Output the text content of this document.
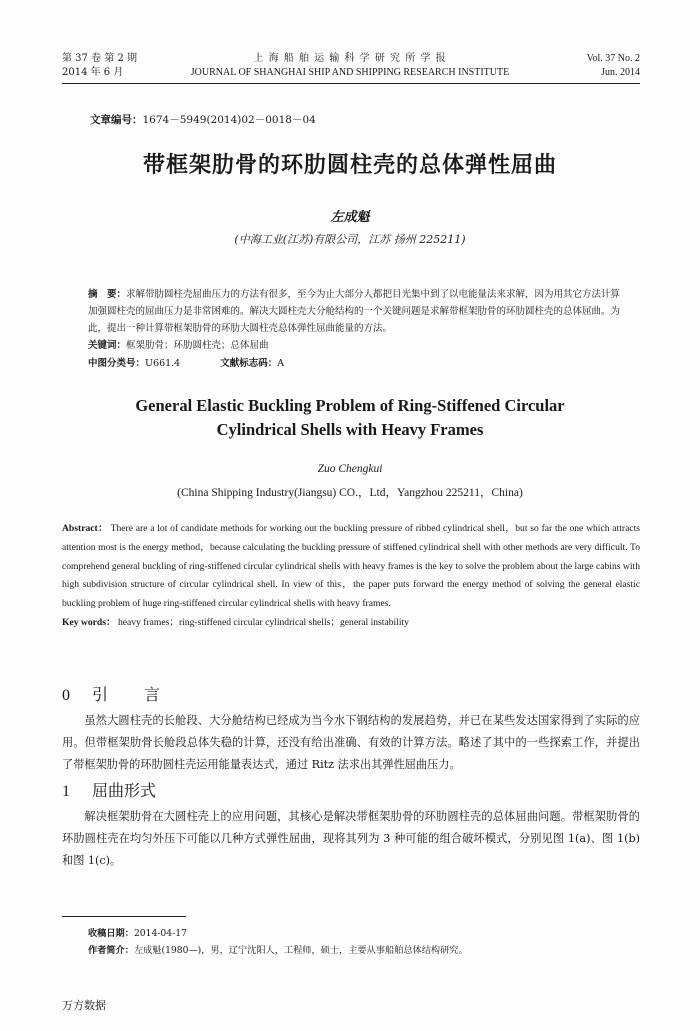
第 37 卷 第 2 期
2014 年 6 月
上 海 船 舶 运 输 科 学 研 究 所 学 报
JOURNAL OF SHANGHAI SHIP AND SHIPPING RESEARCH INSTITUTE
Vol. 37 No. 2
Jun. 2014
文章编号：1674－5949(2014)02－0018－04
带框架肋骨的环肋圆柱壳的总体弹性屈曲
左成魁
(中海工业(江苏)有限公司，江苏 扬州 225211)
摘　要：求解带肋圆柱壳屈曲压力的方法有很多，至今为止大部分人都把目光集中到了以电能量法来求解，因为用其它方法计算加强圆柱壳的屈曲压力是非常困难的。解决大圆柱壳大分舱结构的一个关键问题是求解带框架肋骨的环肋圆柱壳的总体屈曲。为此，提出一种计算带框架肋骨的环肋大圆柱壳总体弹性屈曲能量的方法。
关键词：框架肋骨；环肋圆柱壳；总体屈曲
中图分类号：U661.4	文献标志码：A
General Elastic Buckling Problem of Ring-Stiffened Circular
Cylindrical Shells with Heavy Frames
Zuo Chengkui
(China Shipping Industry(Jiangsu) CO.，Ltd，Yangzhou 225211，China)
Abstract： There are a lot of candidate methods for working out the buckling pressure of ribbed cylindrical shell，but so far the one which attracts attention most is the energy method，because calculating the buckling pressure of stiffened cylindrical shell with other methods are very difficult. To comprehend general buckling of ring-stiffened circular cylindrical shells with heavy frames is the key to solve the problem about the large cabins with high subdivision structure of circular cylindrical shell. In view of this，the paper puts forward the energy method of solving the general elastic buckling problem of huge ring-stiffened circular cylindrical shells with heavy frames.
Key words： heavy frames；ring-stiffened circular cylindrical shells；general instability
0 引　言
虽然大圆柱壳的长舱段、大分舱结构已经成为当今水下钢结构的发展趋势，并已在某些发达国家得到了实际的应用。但带框架肋骨长舱段总体失稳的计算，还没有给出准确、有效的计算方法。略述了其中的一些探索工作，并提出了带框架肋骨的环肋圆柱壳运用能量表达式，通过 Ritz 法求出其弹性屈曲压力。
1 屈曲形式
解决框架肋骨在大圆柱壳上的应用问题，其核心是解决带框架肋骨的环肋圆柱壳的总体屈曲问题。带框架肋骨的环肋圆柱壳在均匀外压下可能以几种方式弹性屈曲，现将其列为 3 种可能的组合破坏模式，分别见图 1(a)、图 1(b)和图 1(c)。
收稿日期：2014-04-17
作者简介：左成魁(1980—)，男，辽宁沈阳人，工程师，硕士，主要从事船舶总体结构研究。
万方数据
